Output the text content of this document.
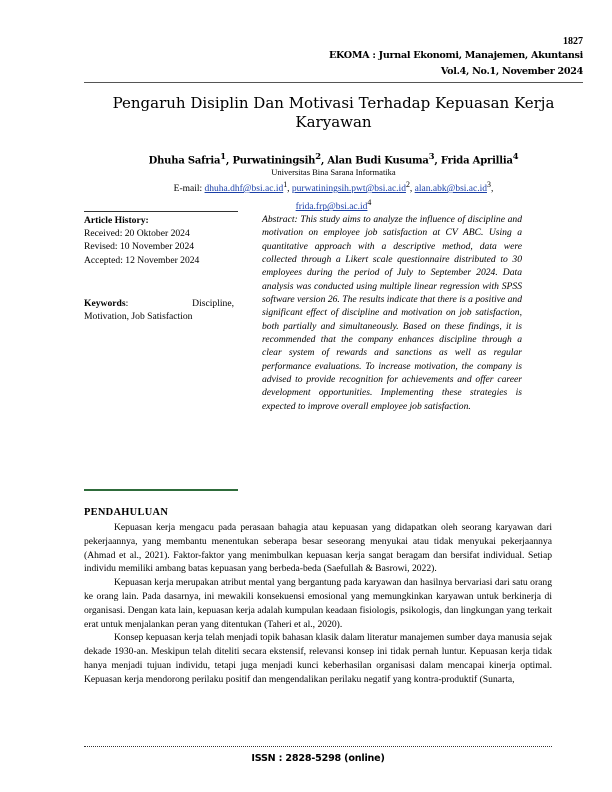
1827
EKOMA : Jurnal Ekonomi, Manajemen, Akuntansi
Vol.4, No.1, November 2024
Pengaruh Disiplin Dan Motivasi Terhadap Kepuasan Kerja Karyawan
Dhuha Safria$^1$, Purwatiningsih$^2$, Alan Budi Kusuma$^3$, Frida Aprillia$^4$
Universitas Bina Sarana Informatika
E-mail: $dhuha.dhf@bsi.ac.id^1$, $purwatiningsih.pwt@bsi.ac.id^2$, $alan.abk@bsi.ac.id^3$,
$frida.frp@bsi.ac.id^4$
Article History:
Received: 20 Oktober 2024
Revised: 10 November 2024
Accepted: 12 November 2024
Keywords: Discipline,
Motivation, Job Satisfaction
Abstract: This study aims to analyze the influence of discipline and motivation on employee job satisfaction at CV ABC. Using a quantitative approach with a descriptive method, data were collected through a Likert scale questionnaire distributed to 30 employees during the period of July to September 2024. Data analysis was conducted using multiple linear regression with SPSS software version 26. The results indicate that there is a positive and significant effect of discipline and motivation on job satisfaction, both partially and simultaneously. Based on these findings, it is recommended that the company enhances discipline through a clear system of rewards and sanctions as well as regular performance evaluations. To increase motivation, the company is advised to provide recognition for achievements and offer career development opportunities. Implementing these strategies is expected to improve overall employee job satisfaction.
PENDAHULUAN

Kepuasan kerja mengacu pada perasaan bahagia atau kepuasan yang didapatkan oleh seorang karyawan dari pekerjaannya, yang membantu menentukan seberapa besar seseorang menyukai atau tidak menyukai pekerjaannya (Ahmad et al., 2021). Faktor-faktor yang menimbulkan kepuasan kerja sangat beragam dan bersifat individual. Setiap individu memiliki ambang batas kepuasan yang berbeda-beda (Saefullah & Basrowi, 2022).

Kepuasan kerja merupakan atribut mental yang bergantung pada karyawan dan hasilnya bervariasi dari satu orang ke orang lain. Pada dasarnya, ini mewakili konsekuensi emosional yang memungkinkan karyawan untuk berkinerja di organisasi. Dengan kata lain, kepuasan kerja adalah kumpulan keadaan fisiologis, psikologis, dan lingkungan yang terkait erat untuk menjalankan peran yang ditentukan (Taheri et al., 2020).

Konsep kepuasan kerja telah menjadi topik bahasan klasik dalam literatur manajemen sumber daya manusia sejak dekade 1930-an. Meskipun telah diteliti secara ekstensif, relevansi konsep ini tidak pernah luntur. Kepuasan kerja tidak hanya menjadi tujuan individu, tetapi juga menjadi kunci keberhasilan organisasi dalam mencapai kinerja optimal. Kepuasan kerja mendorong perilaku positif dan mengendalikan perilaku negatif yang kontra-produktif (Sunarta,

ISSN : 2828-5298 (online)
